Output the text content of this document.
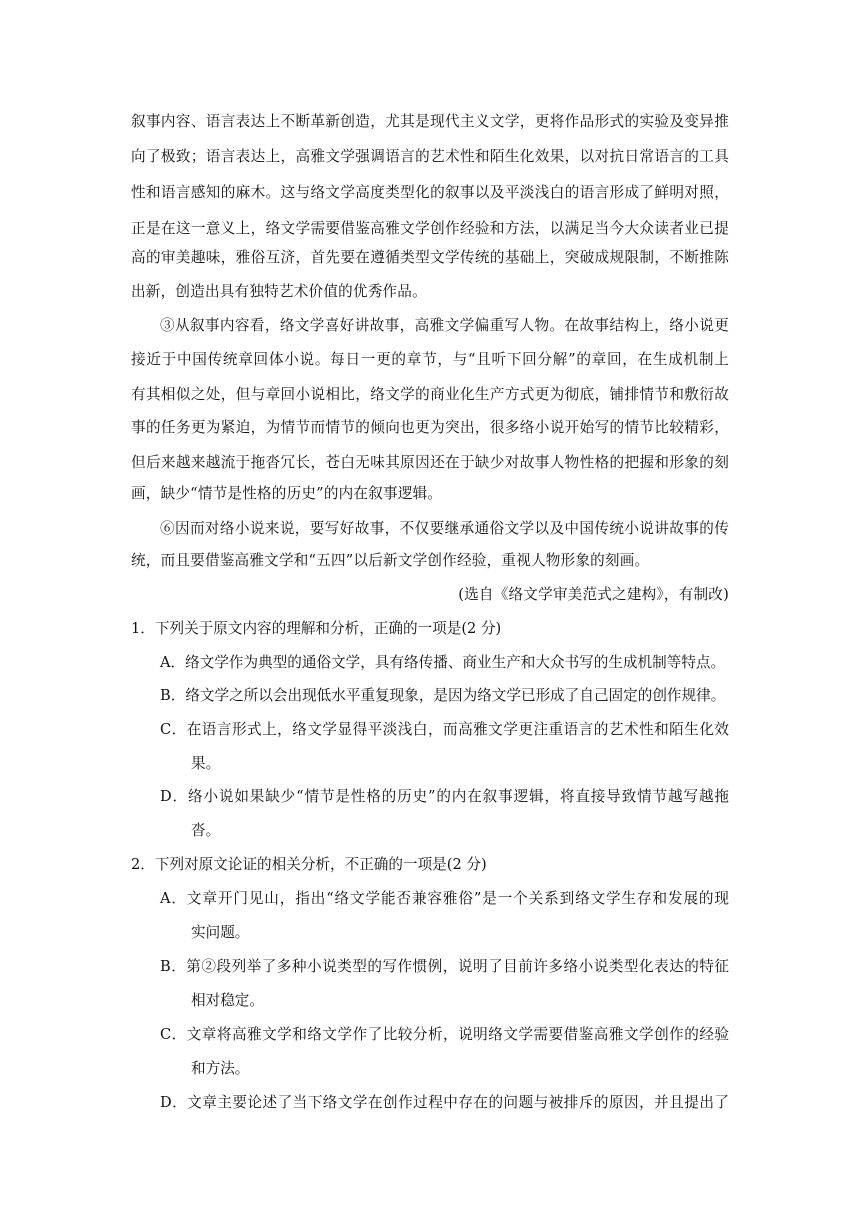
叙事内容、语言表达上不断革新创造，尤其是现代主义文学，更将作品形式的实验及变异推
向了极致；语言表达上，高雅文学强调语言的艺术性和陌生化效果，以对抗日常语言的工具
性和语言感知的麻木。这与络文学高度类型化的叙事以及平淡浅白的语言形成了鲜明对照，
正是在这一意义上，络文学需要借鉴高雅文学创作经验和方法，以满足当今大众读者业已提
高的审美趣味，雅俗互济，首先要在遵循类型文学传统的基础上，突破成规限制，不断推陈
出新，创造出具有独特艺术价值的优秀作品。
③从叙事内容看，络文学喜好讲故事，高雅文学偏重写人物。在故事结构上，络小说更
接近于中国传统章回体小说。每日一更的章节，与“且听下回分解”的章回，在生成机制上
有其相似之处，但与章回小说相比，络文学的商业化生产方式更为彻底，铺排情节和敷衍故
事的任务更为紧迫，为情节而情节的倾向也更为突出，很多络小说开始写的情节比较精彩，
但后来越来越流于拖沓冗长，苍白无味其原因还在于缺少对故事人物性格的把握和形象的刻
画，缺少“情节是性格的历史”的内在叙事逻辑。
⑥因而对络小说来说，要写好故事，不仅要继承通俗文学以及中国传统小说讲故事的传
统，而且要借鉴高雅文学和“五四”以后新文学创作经验，重视人物形象的刻画。
(选自《络文学审美范式之建构》，有制改)
1．下列关于原文内容的理解和分析，正确的一项是(2 分)
A．络文学作为典型的通俗文学，具有络传播、商业生产和大众书写的生成机制等特点。
B．络文学之所以会出现低水平重复现象，是因为络文学已形成了自己固定的创作规律。
C．在语言形式上，络文学显得平淡浅白，而高雅文学更注重语言的艺术性和陌生化效
果。
D．络小说如果缺少“情节是性格的历史”的内在叙事逻辑，将直接导致情节越写越拖
沓。
2．下列对原文论证的相关分析，不正确的一项是(2 分)
A．文章开门见山，指出“络文学能否兼容雅俗”是一个关系到络文学生存和发展的现
实问题。
B．第②段列举了多种小说类型的写作惯例，说明了目前许多络小说类型化表达的特征
相对稳定。
C．文章将高雅文学和络文学作了比较分析，说明络文学需要借鉴高雅文学创作的经验
和方法。
D．文章主要论述了当下络文学在创作过程中存在的问题与被排斥的原因，并且提出了
